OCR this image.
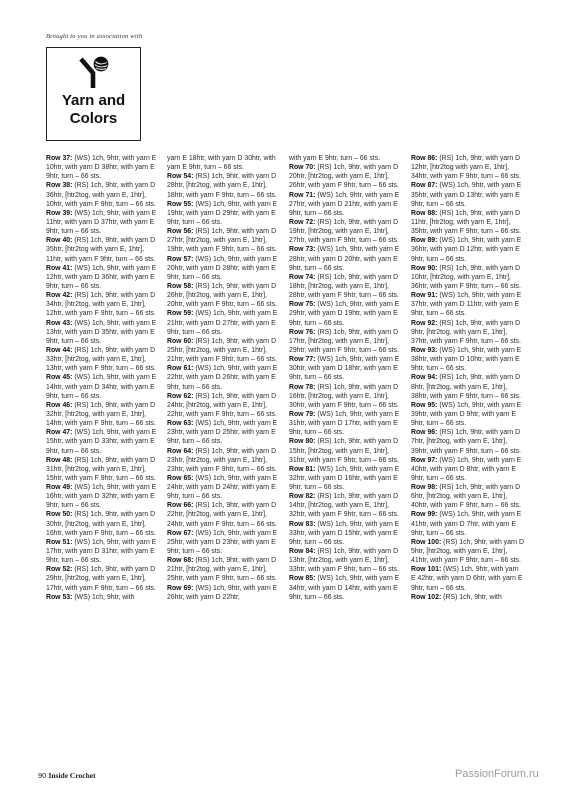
Brought to you in association with
Yarn and
Colors
Row 37: (WS) 1ch, 9htr, with yarn E 10htr, with yarn D 38htr, with yarn E 9htr, turn – 66 sts.
Row 38: (RS) 1ch, 9htr, with yarn D 36htr, [htr2tog, with yarn E, 1htr], 10htr, with yarn F 9htr, turn – 66 sts.
Row 39: (WS) 1ch, 9htr, with yarn E 11htr, with yarn D 37htr, with yarn E 9htr, turn – 66 sts.
Row 40: (RS) 1ch, 9htr, with yarn D 35htr, [htr2tog with yarn E, 1htr], 11htr, with yarn F 9htr, turn – 66 sts.
Row 41: (WS) 1ch, 9htr, with yarn E 12htr, with yarn D 36htr, with yarn E 9htr, turn – 66 sts.
Row 42: (RS) 1ch, 9htr, with yarn D 34htr, [htr2tog, with yarn E, 1htr], 12htr, with yarn F 9htr, turn – 66 sts.
Row 43: (WS) 1ch, 9htr, with yarn E 13htr, with yarn D 35htr, with yarn E 9htr, turn – 66 sts.
Row 44: (RS) 1ch, 9htr, with yarn D 33htr, [htr2tog, with yarn E, 1htr], 13htr, with yarn F 9htr, turn – 66 sts.
Row 45: (WS) 1ch, 9htr, with yarn E 14htr, with yarn D 34htr, with yarn E 9htr, turn – 66 sts.
Row 46: (RS) 1ch, 9htr, with yarn D 32htr, [htr2tog, with yarn E, 1htr], 14htr, with yarn F 9htr, turn – 66 sts.
Row 47: (WS) 1ch, 9htr, with yarn E 15htr, with yarn D 33htr, with yarn E 9htr, turn – 66 sts.
Row 48: (RS) 1ch, 9htr, with yarn D 31htr, [htr2tog, with yarn E, 1htr], 15htr, with yarn F 9htr, turn – 66 sts.
Row 49: (WS) 1ch, 9htr, with yarn E 16htr, with yarn D 32htr, with yarn E 9htr, turn – 66 sts.
Row 50: (RS) 1ch, 9htr, with yarn D 30htr, [htr2tog, with yarn E, 1htr], 16htr, with yarn F 9htr, turn – 66 sts.
Row 51: (WS) 1ch, 9htr, with yarn E 17htr, with yarn D 31htr, with yarn E 9htr, turn – 66 sts.
Row 52: (RS) 1ch, 9htr, with yarn D 29htr, [htr2tog, with yarn E, 1htr], 17htr, with yarn F 9htr, turn – 66 sts.
Row 53: (WS) 1ch, 9htr, with
yarn E 18htr, with yarn D 30htr, with yarn E 9htr, turn – 66 sts.
Row 54: (RS) 1ch, 9htr, with yarn D 28htr, [htr2tog, with yarn E, 1htr], 18htr, with yarn F 9htr, turn – 66 sts.
Row 55: (WS) 1ch, 9htr, with yarn E 19htr, with yarn D 29htr, with yarn E 9htr, turn – 66 sts.
Row 56: (RS) 1ch, 9htr, with yarn D 27htr, [htr2tog, with yarn E, 1htr], 19htr, with yarn F 9htr, turn – 66 sts.
Row 57: (WS) 1ch, 9htr, with yarn E 20htr, with yarn D 28htr, with yarn E 9htr, turn – 66 sts.
Row 58: (RS) 1ch, 9htr, with yarn D 26htr, [htr2tog, with yarn E, 1htr], 20htr, with yarn F 9htr, turn – 66 sts.
Row 59: (WS) 1ch, 9htr, with yarn E 21htr, with yarn D 27htr, with yarn E 9htr, turn – 66 sts.
Row 60: (RS) 1ch, 9htr, with yarn D 25htr, [htr2tog, with yarn E, 1htr], 21htr, with yarn F 9htr, turn – 66 sts.
Row 61: (WS) 1ch, 9htr, with yarn E 22htr, with yarn D 26htr, with yarn E 9htr, turn – 66 sts.
Row 62: (RS) 1ch, 9htr, with yarn D 24htr, [htr2tog, with yarn E, 1htr], 22htr, with yarn F 9htr, turn – 66 sts.
Row 63: (WS) 1ch, 9htr, with yarn E 23htr, with yarn D 25htr, with yarn E 9htr, turn – 66 sts.
Row 64: (RS) 1ch, 9htr, with yarn D 23htr, [htr2tog, with yarn E, 1htr], 23htr, with yarn F 9htr, turn – 66 sts.
Row 65: (WS) 1ch, 9htr, with yarn E 24htr, with yarn D 24htr, with yarn E 9htr, turn – 66 sts.
Row 66: (RS) 1ch, 9htr, with yarn D 22htr, [htr2tog, with yarn E, 1htr], 24htr, with yarn F 9htr, turn – 66 sts.
Row 67: (WS) 1ch, 9htr, with yarn E 25htr, with yarn D 23htr, with yarn E 9htr, turn – 66 sts.
Row 68: (RS) 1ch, 9htr, with yarn D 21htr, [htr2tog, with yarn E, 1htr], 25htr, with yarn F 9htr, turn – 66 sts.
Row 69: (WS) 1ch, 9htr, with yarn E 26htr, with yarn D 22htr,
with yarn E 9htr, turn – 66 sts.
Row 70: (RS) 1ch, 9htr, with yarn D 20htr, [htr2tog, with yarn E, 1htr], 26htr, with yarn F 9htr, turn – 66 sts.
Row 71: (WS) 1ch, 9htr, with yarn E 27htr, with yarn D 21htr, with yarn E 9htr, turn – 66 sts.
Row 72: (RS) 1ch, 9htr, with yarn D 19htr, [htr2tog, with yarn E, 1htr], 27htr, with yarn F 9htr, turn – 66 sts.
Row 73: (WS) 1ch, 9htr, with yarn E 28htr, with yarn D 20htr, with yarn E 9htr, turn – 66 sts.
Row 74: (RS) 1ch, 9htr, with yarn D 18htr, [htr2tog, with yarn E, 1htr], 28htr, with yarn F 9htr, turn – 66 sts.
Row 75: (WS) 1ch, 9htr, with yarn E 29htr, with yarn D 19htr, with yarn E 9htr, turn – 66 sts.
Row 76: (RS) 1ch, 9htr, with yarn D 17htr, [htr2tog, with yarn E, 1htr], 29htr, with yarn F 9htr, turn – 66 sts.
Row 77: (WS) 1ch, 9htr, with yarn E 30htr, with yarn D 18htr, with yarn E 9htr, turn – 66 sts.
Row 78: (RS) 1ch, 9htr, with yarn D 16htr, [htr2tog, with yarn E, 1htr], 30htr, with yarn F 9htr, turn – 66 sts.
Row 79: (WS) 1ch, 9htr, with yarn E 31htr, with yarn D 17htr, with yarn E 9htr, turn – 66 sts.
Row 80: (RS) 1ch, 9htr, with yarn D 15htr, [htr2tog, with yarn E, 1htr], 31htr, with yarn F 9htr, turn – 66 sts.
Row 81: (WS) 1ch, 9htr, with yarn E 32htr, with yarn D 16htr, with yarn E 9htr, turn – 66 sts.
Row 82: (RS) 1ch, 9htr, with yarn D 14htr, [htr2tog, with yarn E, 1htr], 32htr, with yarn F 9htr, turn – 66 sts.
Row 83: (WS) 1ch, 9htr, with yarn E 33htr, with yarn D 15htr, with yarn E 9htr, turn – 66 sts.
Row 84: (RS) 1ch, 9htr, with yarn D 13htr, [htr2tog, with yarn E, 1htr], 33htr, with yarn F 9htr, turn – 66 sts.
Row 85: (WS) 1ch, 9htr, with yarn E 34htr, with yarn D 14htr, with yarn E 9htr, turn – 66 sts.
Row 86: (RS) 1ch, 9htr, with yarn D 12htr, [htr2tog with yarn E, 1htr], 34htr, with yarn F 9htr, turn – 66 sts.
Row 87: (WS) 1ch, 9htr, with yarn E 35htr, with yarn D 13htr, with yarn E 9htr, turn – 66 sts.
Row 88: (RS) 1ch, 9htr, with yarn D 11htr, [htr2tog, with yarn E, 1htr], 35htr, with yarn F 9htr, turn – 66 sts.
Row 89: (WS) 1ch, 9htr, with yarn E 36htr, with yarn D 12htr, with yarn E 9htr, turn – 66 sts.
Row 90: (RS) 1ch, 9htr, with yarn D 10htr, [htr2tog, with yarn E, 1htr], 36htr, with yarn F 9htr, turn – 66 sts.
Row 91: (WS) 1ch, 9htr, with yarn E 37htr, with yarn D 11htr, with yarn E 9htr, turn – 66 sts.
Row 92: (RS) 1ch, 9htr, with yarn D 9htr, [htr2tog, with yarn E, 1htr], 37htr, with yarn F 9htr, turn – 66 sts.
Row 93: (WS) 1ch, 9htr, with yarn E 38htr, with yarn D 10htr, with yarn E 9htr, turn – 66 sts.
Row 94: (RS) 1ch, 9htr, with yarn D 8htr, [htr2tog, with yarn E, 1htr], 38htr, with yarn F 9htr, turn – 66 sts.
Row 95: (WS) 1ch, 9htr, with yarn E 39htr, with yarn D 9htr, with yarn E 9htr, turn – 66 sts.
Row 96: (RS) 1ch, 9htr, with yarn D 7htr, [htr2tog, with yarn E, 1htr], 39htr, with yarn F 9htr, turn – 66 sts.
Row 97: (WS) 1ch, 9htr, with yarn E 40htr, with yarn D 8htr, with yarn E 9htr, turn – 66 sts.
Row 98: (RS) 1ch, 9htr, with yarn D 6htr, [htr2tog, with yarn E, 1htr], 40htr, with yarn F 9htr, turn – 66 sts.
Row 99: (WS) 1ch, 9htr, with yarn E 41htr, with yarn D 7htr, with yarn E 9htr, turn – 66 sts.
Row 100: (RS) 1ch, 9htr, with yarn D 5htr, [htr2tog, with yarn E, 1htr], 41htr, with yarn F 9htr, turn – 66 sts.
Row 101: (WS) 1ch, 9htr, with yarn E 42htr, with yarn D 6htr, with yarn E 9htr, turn – 66 sts.
Row 102: (RS) 1ch, 9htr, with
90 Inside Crochet	PassionForum.ru
